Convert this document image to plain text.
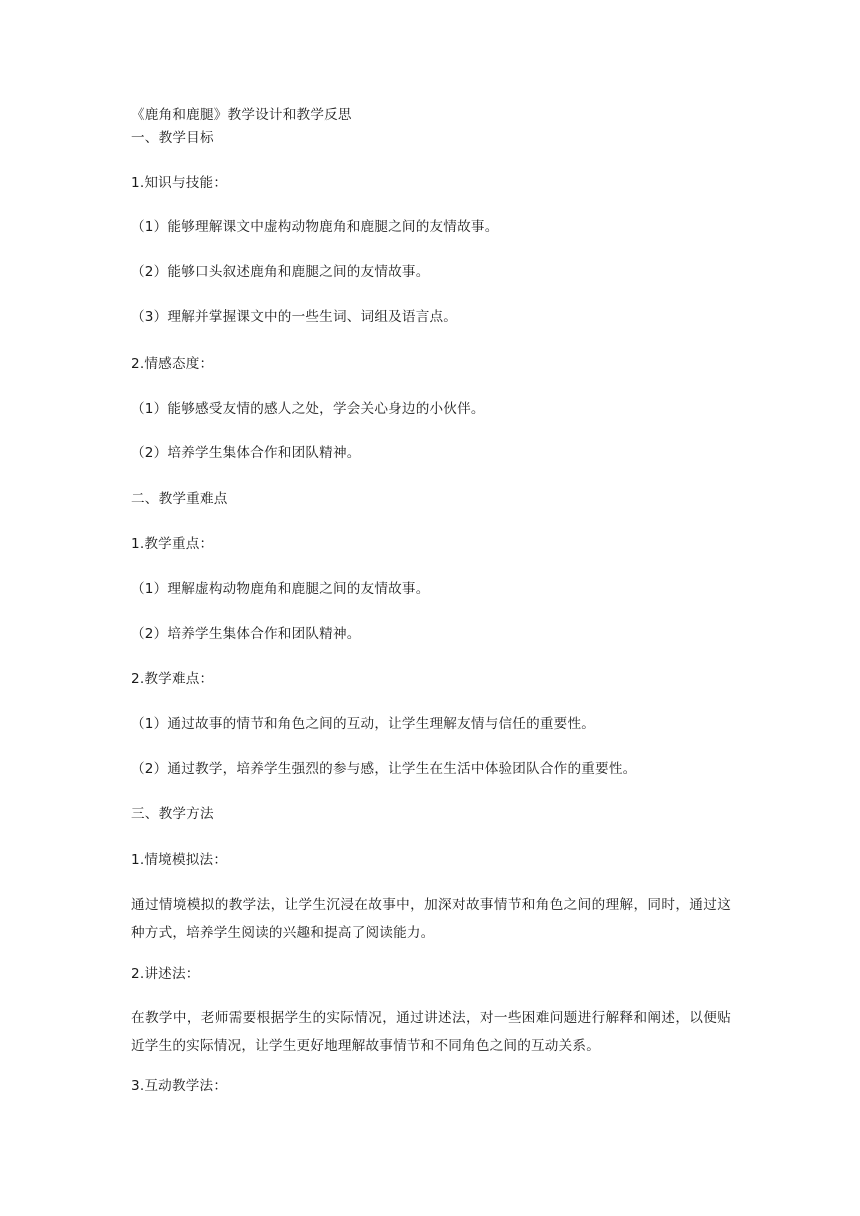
《鹿角和鹿腿》教学设计和教学反思
一、教学目标
1.知识与技能：
（1）能够理解课文中虚构动物鹿角和鹿腿之间的友情故事。
（2）能够口头叙述鹿角和鹿腿之间的友情故事。
（3）理解并掌握课文中的一些生词、词组及语言点。
2.情感态度：
（1）能够感受友情的感人之处，学会关心身边的小伙伴。
（2）培养学生集体合作和团队精神。
二、教学重难点
1.教学重点：
（1）理解虚构动物鹿角和鹿腿之间的友情故事。
（2）培养学生集体合作和团队精神。
2.教学难点：
（1）通过故事的情节和角色之间的互动，让学生理解友情与信任的重要性。
（2）通过教学，培养学生强烈的参与感，让学生在生活中体验团队合作的重要性。
三、教学方法
1.情境模拟法：
通过情境模拟的教学法，让学生沉浸在故事中，加深对故事情节和角色之间的理解，同时，通过这种方式，培养学生阅读的兴趣和提高了阅读能力。
2.讲述法：
在教学中，老师需要根据学生的实际情况，通过讲述法，对一些困难问题进行解释和阐述，以便贴近学生的实际情况，让学生更好地理解故事情节和不同角色之间的互动关系。
3.互动教学法：
